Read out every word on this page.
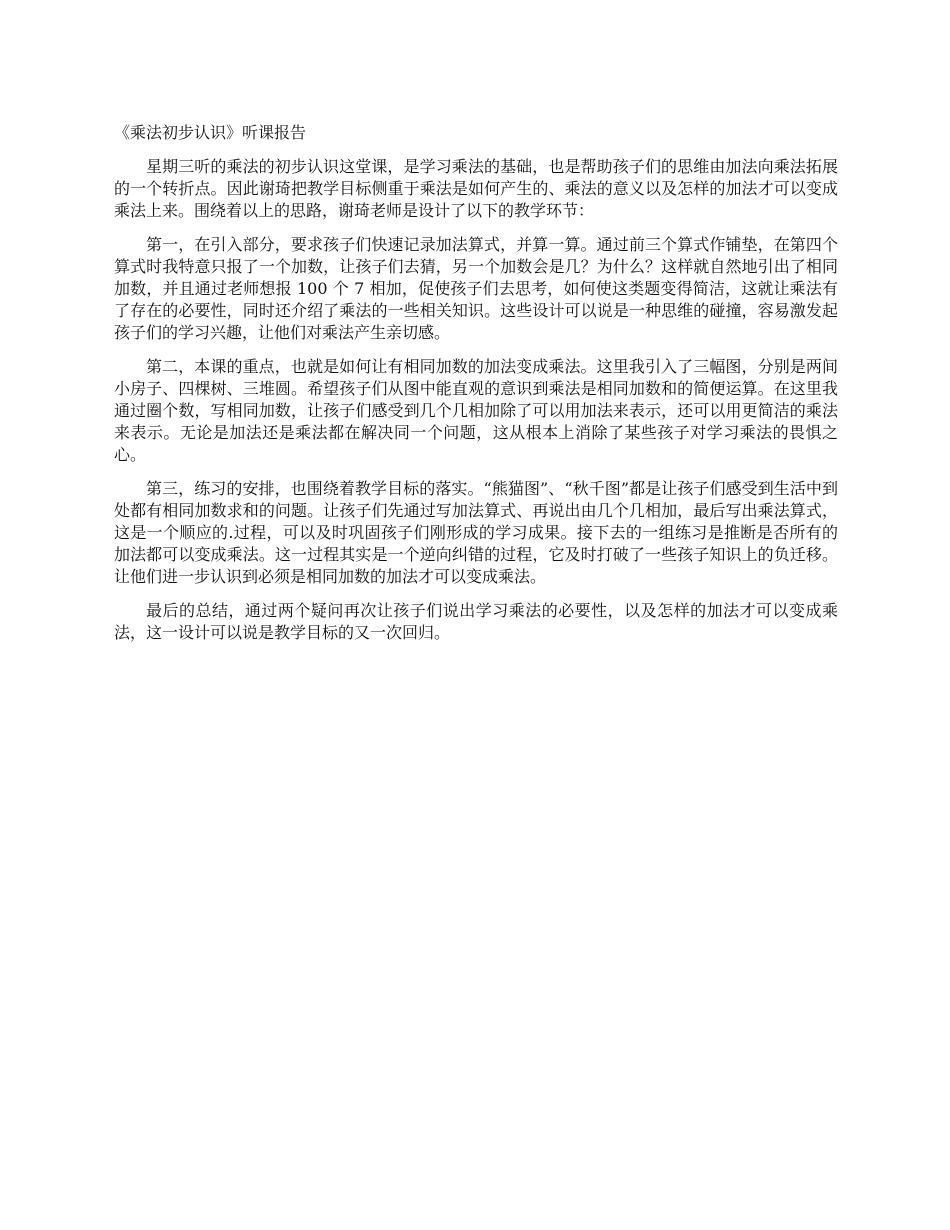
《乘法初步认识》听课报告

星期三听的乘法的初步认识这堂课，是学习乘法的基础，也是帮助孩子们的思维由加法向乘法拓展的一个转折点。因此谢琦把教学目标侧重于乘法是如何产生的、乘法的意义以及怎样的加法才可以变成乘法上来。围绕着以上的思路，谢琦老师是设计了以下的教学环节：

第一，在引入部分，要求孩子们快速记录加法算式，并算一算。通过前三个算式作铺垫，在第四个算式时我特意只报了一个加数，让孩子们去猜，另一个加数会是几？为什么？这样就自然地引出了相同加数，并且通过老师想报 100 个 7 相加，促使孩子们去思考，如何使这类题变得简洁，这就让乘法有了存在的必要性，同时还介绍了乘法的一些相关知识。这些设计可以说是一种思维的碰撞，容易激发起孩子们的学习兴趣，让他们对乘法产生亲切感。

第二，本课的重点，也就是如何让有相同加数的加法变成乘法。这里我引入了三幅图，分别是两间小房子、四棵树、三堆圆。希望孩子们从图中能直观的意识到乘法是相同加数和的简便运算。在这里我通过圈个数，写相同加数，让孩子们感受到几个几相加除了可以用加法来表示，还可以用更简洁的乘法来表示。无论是加法还是乘法都在解决同一个问题，这从根本上消除了某些孩子对学习乘法的畏惧之心。

第三，练习的安排，也围绕着教学目标的落实。“熊猫图”、“秋千图”都是让孩子们感受到生活中到处都有相同加数求和的问题。让孩子们先通过写加法算式、再说出由几个几相加，最后写出乘法算式，这是一个顺应的.过程，可以及时巩固孩子们刚形成的学习成果。接下去的一组练习是推断是否所有的加法都可以变成乘法。这一过程其实是一个逆向纠错的过程，它及时打破了一些孩子知识上的负迁移。让他们进一步认识到必须是相同加数的加法才可以变成乘法。

最后的总结，通过两个疑问再次让孩子们说出学习乘法的必要性，以及怎样的加法才可以变成乘法，这一设计可以说是教学目标的又一次回归。
